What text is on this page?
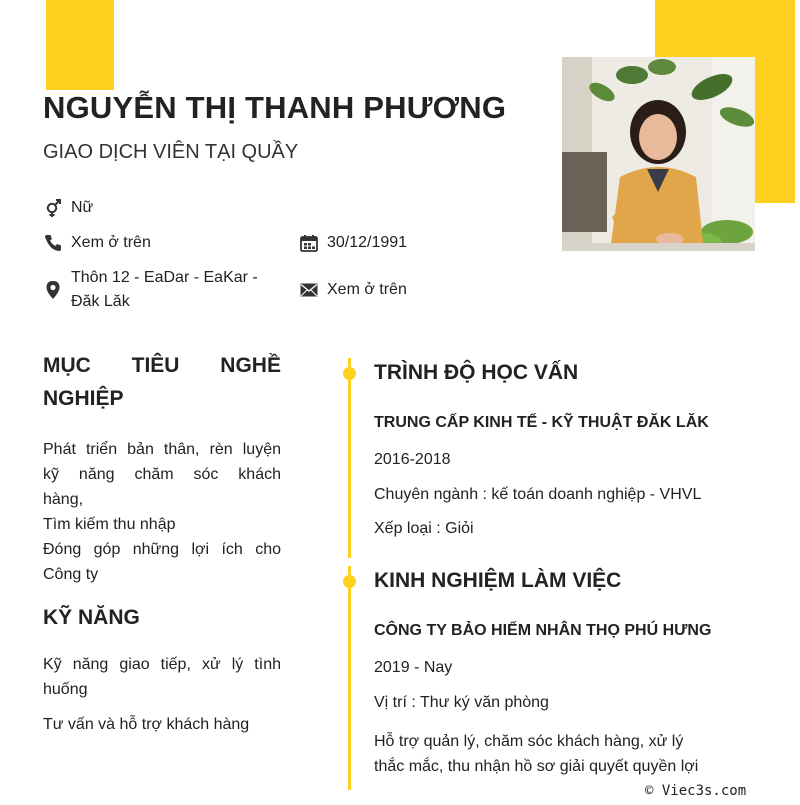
NGUYỄN THỊ THANH PHƯƠNG

GIAO DỊCH VIÊN TẠI QUẦY

Nữ
Xem ở trên	30/12/1991
Thôn 12 - EaDar - EaKar -
Đăk Lăk
Xem ở trên
MỤC TIÊU NGHỀ
NGHIỆP

Phát triển bản thân, rèn luyện
kỹ năng chăm sóc khách
hàng,
Tìm kiếm thu nhập
Đóng góp những lợi ích cho
Công ty

KỸ NĂNG

Kỹ năng giao tiếp, xử lý tình
huống

Tư vấn và hỗ trợ khách hàng

TRÌNH ĐỘ HỌC VẤN

TRUNG CẤP KINH TẾ - KỸ THUẬT ĐĂK LĂK

2016-2018

Chuyên ngành : kế toán doanh nghiệp - VHVL

Xếp loại : Giỏi

KINH NGHIỆM LÀM VIỆC

CÔNG TY BẢO HIỂM NHÂN THỌ PHÚ HƯNG

2019 - Nay

Vị trí : Thư ký văn phòng

Hỗ trợ quản lý, chăm sóc khách hàng, xử lý
thắc mắc, thu nhận hồ sơ giải quyết quyền lợi

© Viec3s.com
